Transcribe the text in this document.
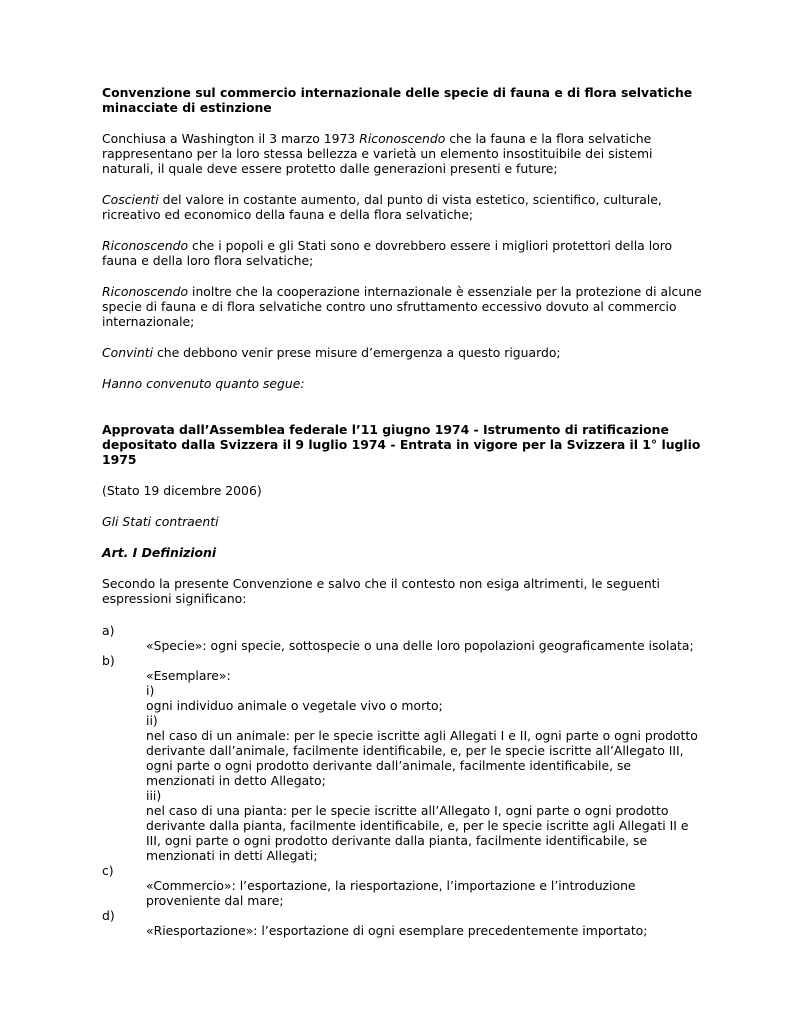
Convenzione sul commercio internazionale delle specie di fauna e di flora selvatiche minacciate di estinzione

Conchiusa a Washington il 3 marzo 1973 Riconoscendo che la fauna e la flora selvatiche rappresentano per la loro stessa bellezza e varietà un elemento insostituibile dei sistemi naturali, il quale deve essere protetto dalle generazioni presenti e future;

Coscienti del valore in costante aumento, dal punto di vista estetico, scientifico, culturale, ricreativo ed economico della fauna e della flora selvatiche;

Riconoscendo che i popoli e gli Stati sono e dovrebbero essere i migliori protettori della loro fauna e della loro flora selvatiche;

Riconoscendo inoltre che la cooperazione internazionale è essenziale per la protezione di alcune specie di fauna e di flora selvatiche contro uno sfruttamento eccessivo dovuto al commercio internazionale;

Convinti che debbono venir prese misure d’emergenza a questo riguardo;

Hanno convenuto quanto segue:

Approvata dall’Assemblea federale l’11 giugno 1974 - Istrumento di ratificazione depositato dalla Svizzera il 9 luglio 1974 - Entrata in vigore per la Svizzera il 1° luglio 1975

(Stato 19 dicembre 2006)

Gli Stati contraenti

Art. I Definizioni

Secondo la presente Convenzione e salvo che il contesto non esiga altrimenti, le seguenti espressioni significano:

a)

«Specie»: ogni specie, sottospecie o una delle loro popolazioni geograficamente isolata;

b)

«Esemplare»:

i)

ogni individuo animale o vegetale vivo o morto;

ii)

nel caso di un animale: per le specie iscritte agli Allegati I e II, ogni parte o ogni prodotto derivante dall’animale, facilmente identificabile, e, per le specie iscritte all’Allegato III, ogni parte o ogni prodotto derivante dall’animale, facilmente identificabile, se menzionati in detto Allegato;

iii)

nel caso di una pianta: per le specie iscritte all’Allegato I, ogni parte o ogni prodotto derivante dalla pianta, facilmente identificabile, e, per le specie iscritte agli Allegati II e III, ogni parte o ogni prodotto derivante dalla pianta, facilmente identificabile, se menzionati in detti Allegati;

c)

«Commercio»: l’esportazione, la riesportazione, l’importazione e l’introduzione proveniente dal mare;

d)

«Riesportazione»: l’esportazione di ogni esemplare precedentemente importato;
